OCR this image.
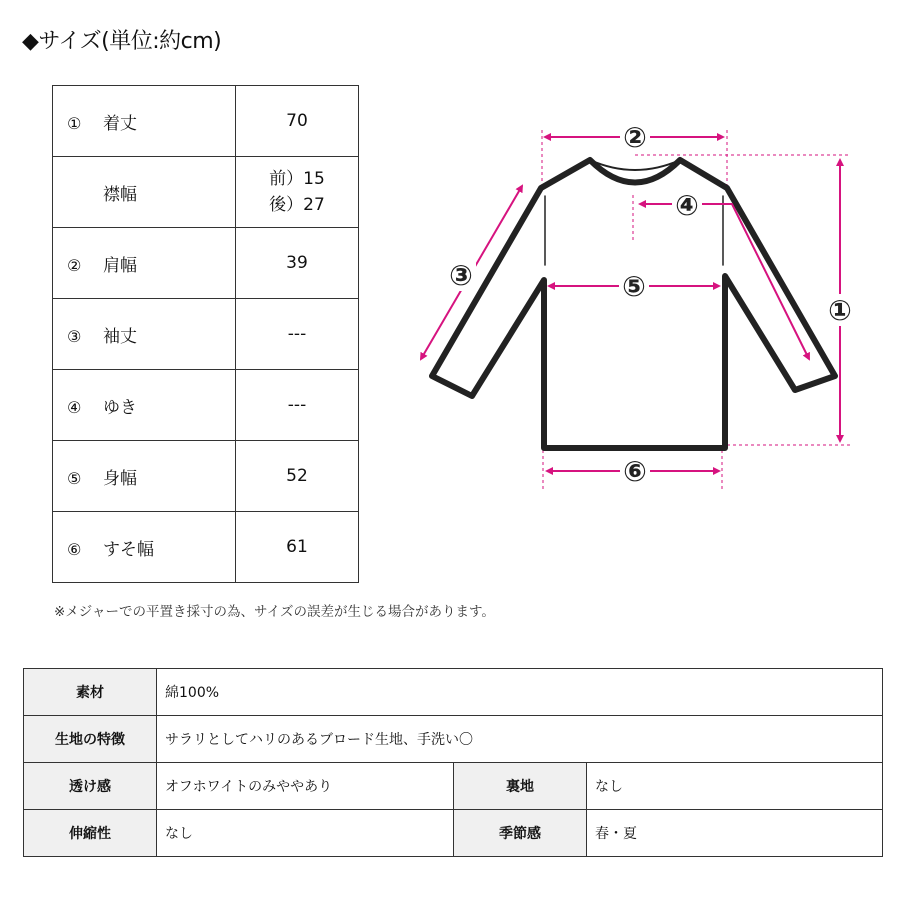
◆サイズ(単位:約cm)
① 着丈	70
襟幅	前）15
後）27

② 肩幅	39
③ 袖丈	---
④ ゆき	---
⑤ 身幅	52
⑥ すそ幅	61
②
①
③
④
⑤
⑥
※メジャーでの平置き採寸の為、サイズの誤差が生じる場合があります。
素材	綿100%		
生地の特徴	サラリとしてハリのあるブロード生地、手洗い〇		
透け感	オフホワイトのみややあり	裏地	なし
伸縮性	なし	季節感	春・夏
